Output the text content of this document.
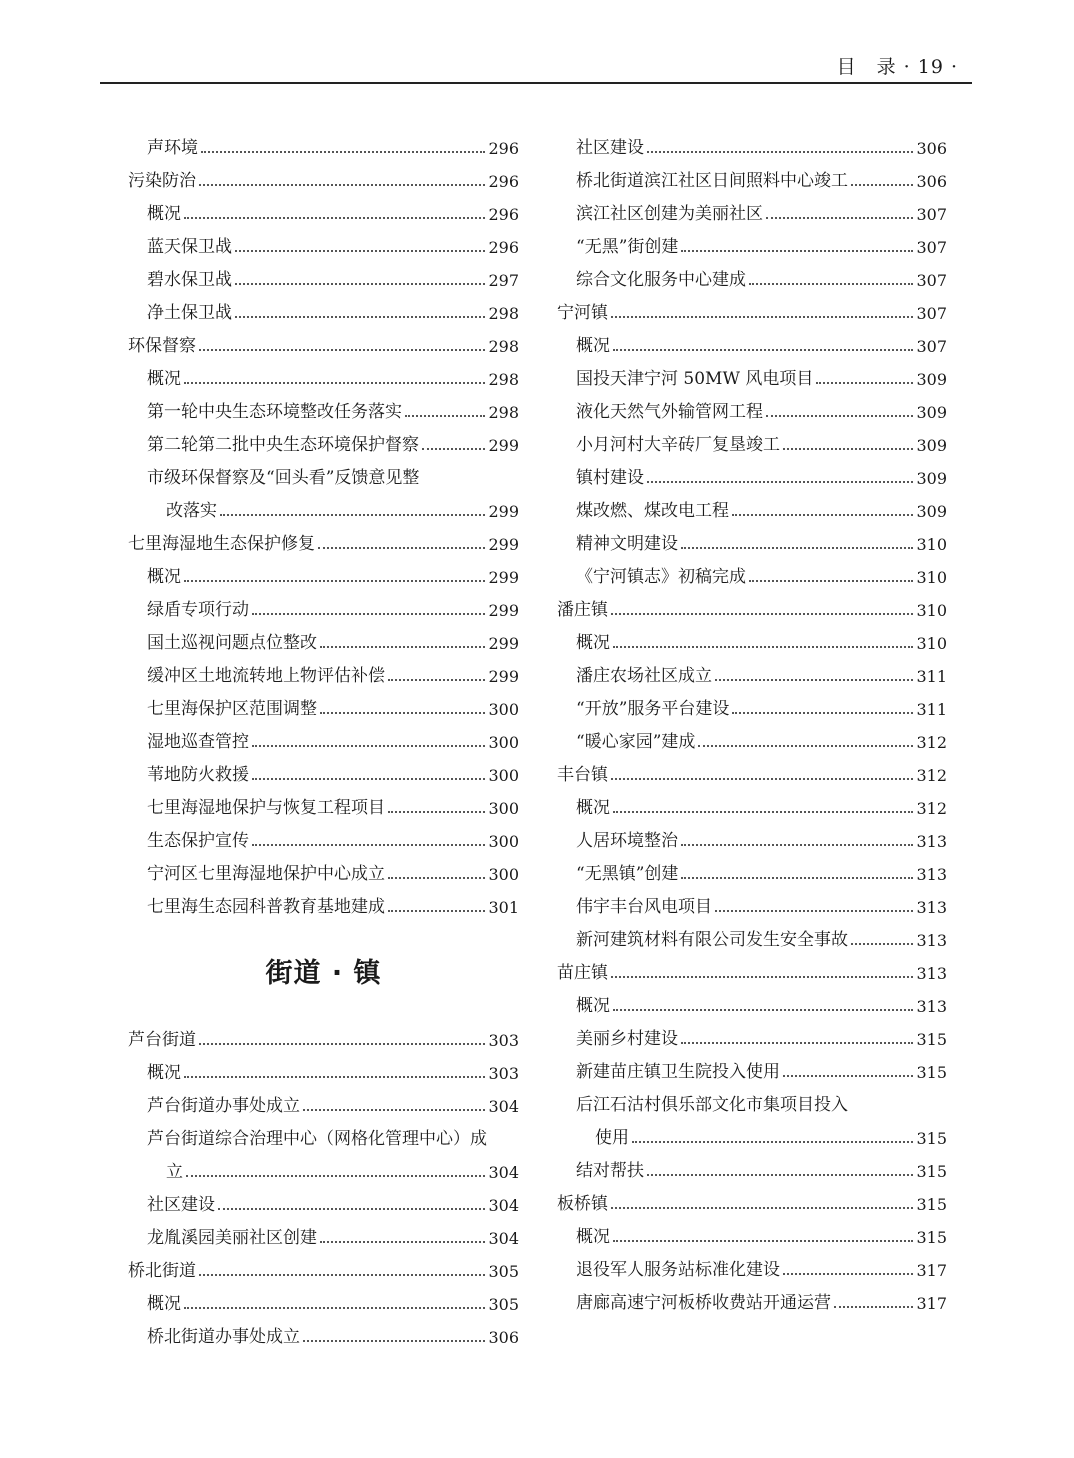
目　录 · 19 ·
声环境	296
污染防治	296
概况	296
蓝天保卫战	296
碧水保卫战	297
净土保卫战	298
环保督察	298
概况	298
第一轮中央生态环境整改任务落实	298
第二轮第二批中央生态环境保护督察	299
市级环保督察及“回头看”反馈意见整
改落实	299
七里海湿地生态保护修复	299
概况	299
绿盾专项行动	299
国土巡视问题点位整改	299
缓冲区土地流转地上物评估补偿	299
七里海保护区范围调整	300
湿地巡查管控	300
苇地防火救援	300
七里海湿地保护与恢复工程项目	300
生态保护宣传	300
宁河区七里海湿地保护中心成立	300
七里海生态园科普教育基地建成	301
街道 · 镇
芦台街道	303
概况	303
芦台街道办事处成立	304
芦台街道综合治理中心（网格化管理中心）成
立	304
社区建设	304
龙胤溪园美丽社区创建	304
桥北街道	305
概况	305
桥北街道办事处成立	306
社区建设	306
桥北街道滨江社区日间照料中心竣工	306
滨江社区创建为美丽社区	307
“无黑”街创建	307
综合文化服务中心建成	307
宁河镇	307
概况	307
国投天津宁河 50MW 风电项目	309
液化天然气外输管网工程	309
小月河村大辛砖厂复垦竣工	309
镇村建设	309
煤改燃、煤改电工程	309
精神文明建设	310
《宁河镇志》初稿完成	310
潘庄镇	310
概况	310
潘庄农场社区成立	311
“开放”服务平台建设	311
“暖心家园”建成	312
丰台镇	312
概况	312
人居环境整治	313
“无黑镇”创建	313
伟宇丰台风电项目	313
新河建筑材料有限公司发生安全事故	313
苗庄镇	313
概况	313
美丽乡村建设	315
新建苗庄镇卫生院投入使用	315
后江石沽村俱乐部文化市集项目投入
使用	315
结对帮扶	315
板桥镇	315
概况	315
退役军人服务站标准化建设	317
唐廊高速宁河板桥收费站开通运营	317
